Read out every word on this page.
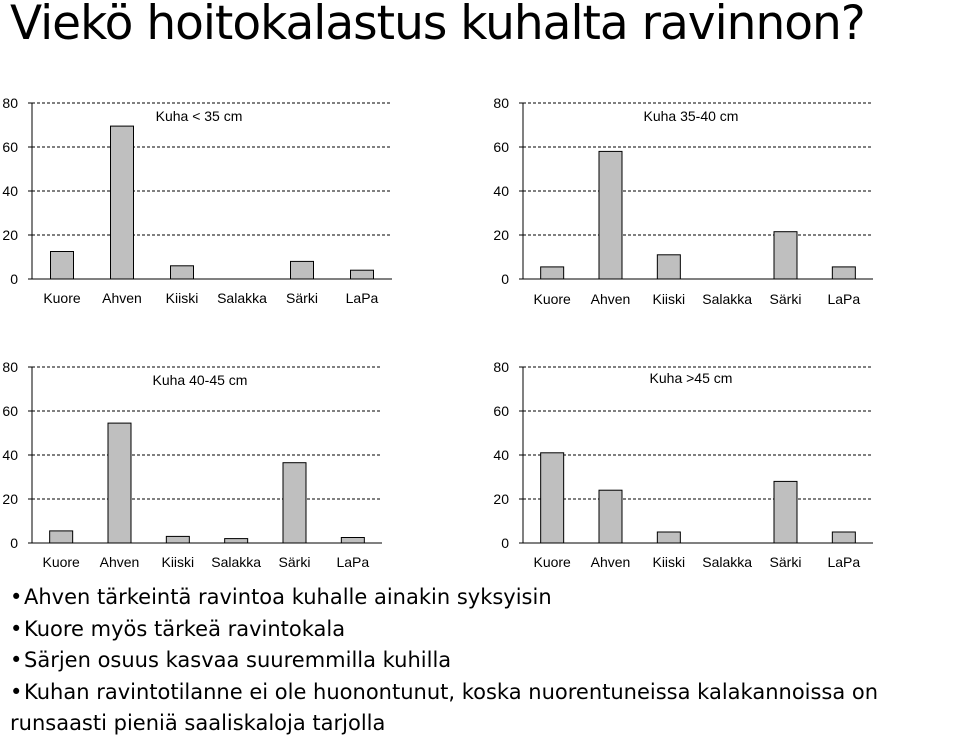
Viekö hoitokalastus kuhalta ravinnon?
0
20
40
60
80
Kuore Ahven Kiiski Salakka Särki LaPa
Kuha < 35 cm
0
20
40
60
80
Kuore Ahven Kiiski Salakka Särki LaPa
Kuha 35-40 cm
0
20
40
60
80
Kuore Ahven Kiiski Salakka Särki LaPa
Kuha 40-45 cm
0
20
40
60
80
Kuore Ahven Kiiski Salakka Särki LaPa
Kuha >45 cm
• Ahven tärkeintä ravintoa kuhalle ainakin syksyisin
• Kuore myös tärkeä ravintokala
• Särjen osuus kasvaa suuremmilla kuhilla
• Kuhan ravintotilanne ei ole huonontunut, koska nuorentuneissa kalakannoissa on runsaasti pieniä saaliskaloja tarjolla
